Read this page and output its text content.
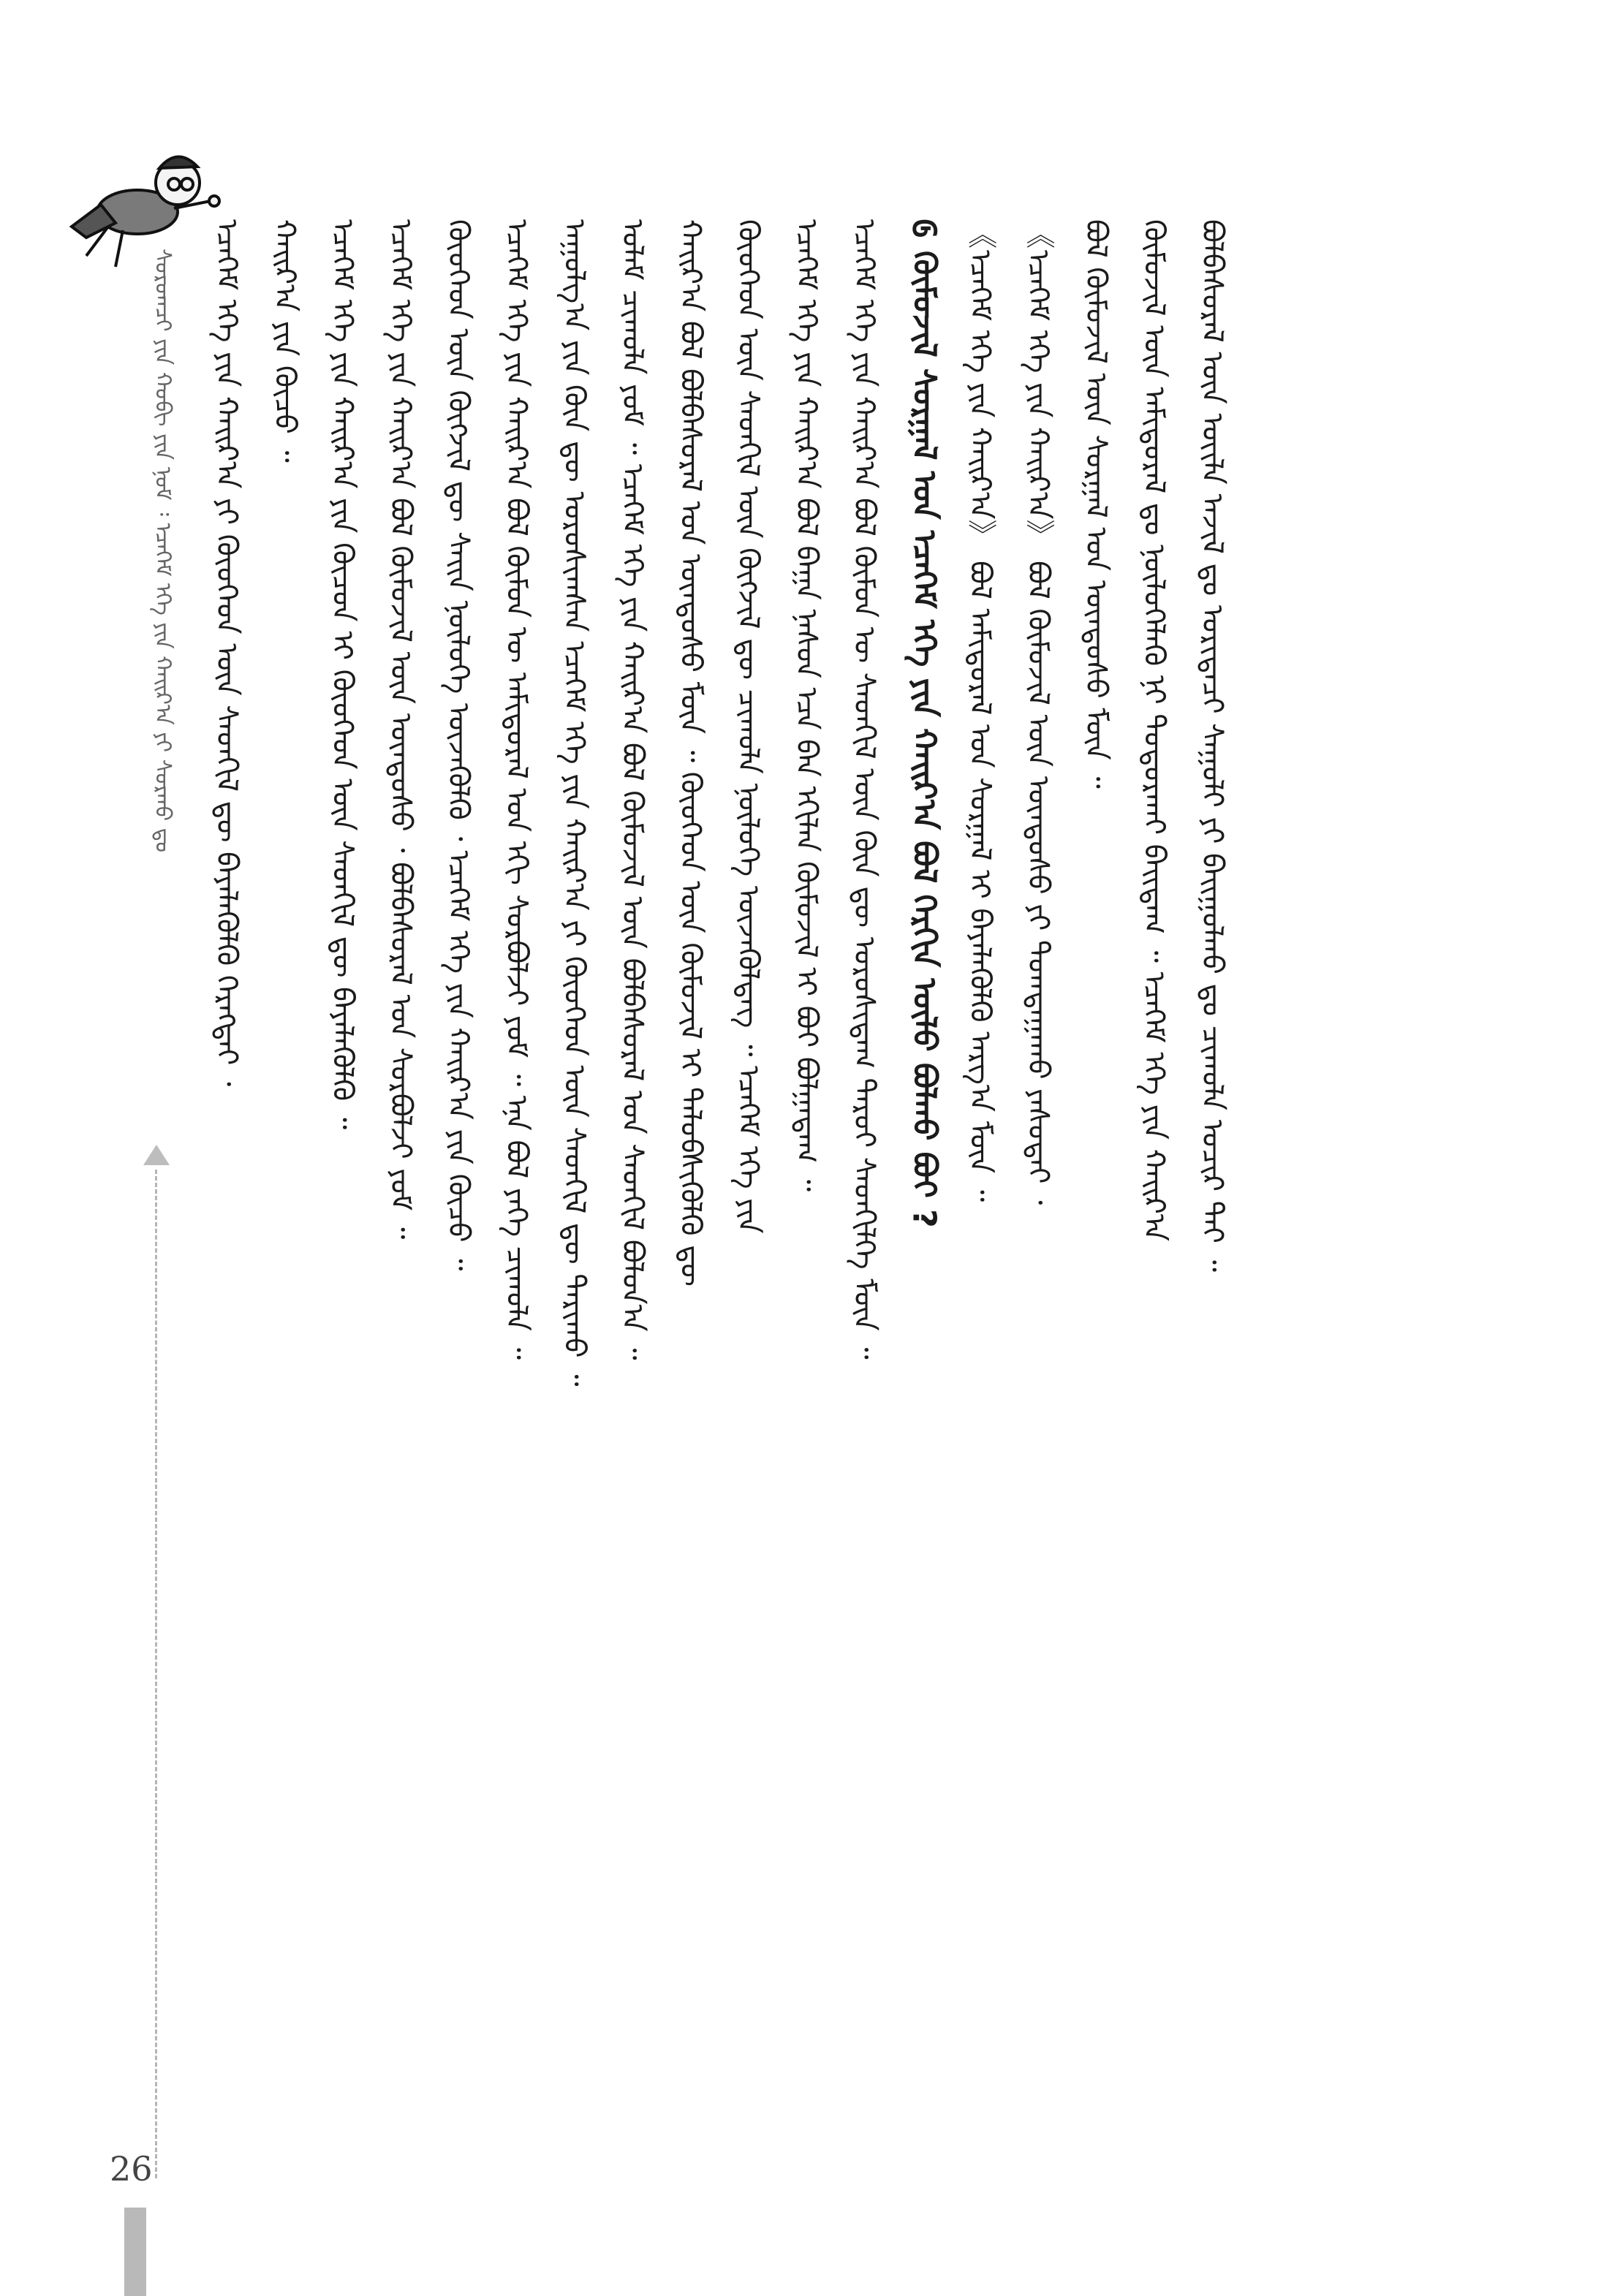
ᠰᠤᠷᠤᠭᠴᠢ ᠶᠢᠨ ᠬᠤᠪᠢ ᠶᠢᠨ ᠨᠣᠮ ᠄ ᠡᠴᠡᠭᠡᠮ ᠡᠬᠡ ᠶᠢᠨ ᠬᠠᠢᠷ᠎ᠠ ᠶᠢ ᠰᠤᠷᠬᠤ ᠳᠤ	ᠪᠣᠯᠪᠠᠰᠤᠷᠠᠯ ᠦᠨ ᠦᠢᠯᠡ ᠠᠵᠢᠯ ᠳᠤ ᠤᠷᠢᠳᠠᠴᠢ ᠰᠠᠭᠤᠯᠢ ᠶᠢ ᠪᠠᠢᠭᠤᠯᠬᠤ ᠳᠤ ᠴᠢᠬᠤᠯᠠ ᠤᠴᠢᠷ ᠲᠠᠢ ᠃
ᠬᠦᠮᠦᠵᠢᠯ ᠦᠨ ᠠᠮᠢᠳᠤᠷᠠᠯ ᠳᠤ ᠨᠥᠯᠦᠭᠡᠯᠡᠬᠦ ᠨᠢ ᠲᠣᠳᠤᠷᠬᠠᠢ ᠪᠠᠢᠳᠠᠭ ᠃ ᠡᠴᠡᠭᠡᠮ ᠡᠬᠡ ᠶᠢᠨ ᠬᠠᠢᠷ᠎ᠠ
ᠪᠣᠯ ᠬᠦᠮᠦᠵᠢᠯ ᠦᠨ ᠰᠤᠷᠭᠠᠯ ᠤᠨ ᠦᠨᠳᠦᠰᠦ ᠮᠥᠨ ᠃
《ᠡᠴᠡᠭᠡᠮ ᠡᠬᠡ ᠶᠢᠨ ᠬᠠᠢᠷ᠎ᠠ》 ᠪᠣᠯ ᠬᠦᠮᠦᠵᠢᠯ ᠦᠨ ᠦᠨᠳᠦᠰᠦ ᠶᠢ ᠲᠣᠭᠲᠠᠭᠠᠬᠤ ᠶᠠᠰᠤᠲᠠᠢ ᠂
《ᠡᠴᠡᠭᠡᠮ ᠡᠬᠡ ᠶᠢᠨ ᠬᠠᠢᠷ᠎ᠠ》 ᠪᠣᠯ ᠠᠮᠢᠳᠤᠷᠠᠯ ᠤᠨ ᠰᠤᠷᠭᠠᠯ ᠢ ᠪᠡᠶᠡᠯᠡᠭᠦᠯᠬᠦ ᠠᠷᠭ᠎ᠠ ᠮᠥᠨ ᠃
᠖ ᠬᠦᠮᠦᠵᠢᠯ ᠰᠤᠷᠭᠠᠯ ᠤᠨ ᠡᠴᠡᠭᠡᠮ ᠡᠬᠡ ᠶᠢᠨ ᠬᠠᠢᠷ᠎ᠠ ᠪᠣᠯ ᠬᠡᠷᠬᠢᠨ ᠦᠯᠦ ᠪᠣᠯᠬᠤ ᠪᠤᠢ ?
ᠡᠴᠡᠭᠡᠮ ᠡᠬᠡ ᠶᠢᠨ ᠬᠠᠢᠷ᠎ᠠ ᠪᠣᠯ ᠬᠥᠮᠦᠨ ᠦ ᠰᠡᠳᠬᠢᠯ ᠦᠨ ᠭᠦᠨ ᠳᠦ ᠣᠷᠣᠰᠢᠳᠠᠭ ᠳᠠᠷᠤᠢ ᠰᠡᠳᠬᠢᠯᠭᠡ ᠮᠥᠨ ᠃
ᠡᠴᠡᠭᠡᠮ ᠡᠬᠡ ᠶᠢᠨ ᠬᠠᠢᠷ᠎ᠠ ᠪᠣᠯ ᠪᠠᠭᠠ ᠨᠠᠰᠤᠨ ᠡᠴᠡ ᠪᠡᠨ ᠡᠬᠢᠯᠡᠨ ᠬᠥᠮᠦᠵᠢᠯ ᠢ ᠪᠤᠢ ᠪᠣᠯᠭᠠᠳᠠᠭ ᠃
ᠬᠦᠦᠬᠡᠳ ᠦᠨ ᠰᠡᠳᠬᠢᠯ ᠦᠨ ᠬᠥᠭᠵᠢᠯ ᠳᠦ ᠴᠢᠬᠤᠯᠠ ᠨᠥᠯᠦᠭᠡ ᠦᠵᠡᠭᠦᠯᠳᠡᠭ ᠃ ᠡᠴᠡᠭᠡᠮ ᠡᠬᠡ ᠶᠢᠨ
ᠬᠠᠢᠷ᠎ᠠ ᠪᠣᠯ ᠪᠣᠯᠪᠠᠰᠤᠷᠠᠯ ᠤᠨ ᠦᠨᠳᠦᠰᠦ ᠮᠥᠨ ᠃ ᠬᠦᠦᠬᠡᠳ ᠦᠨ ᠬᠥᠮᠦᠵᠢᠯ ᠢ ᠲᠡᠯᠦᠪᠰᠢᠭᠦᠯᠬᠦ ᠳᠦ
ᠤᠯᠠᠮ ᠴᠢᠬᠤᠯᠠ ᠶᠤᠮ ᠃ ᠡᠴᠡᠭᠡᠮ ᠡᠬᠡ ᠶᠢᠨ ᠬᠠᠢᠷ᠎ᠠ ᠪᠣᠯ ᠬᠦᠮᠦᠵᠢᠯ ᠦᠨ ᠪᠣᠯᠪᠠᠰᠤᠷᠠᠯ ᠤᠨ ᠰᠡᠳᠬᠢᠯ ᠪᠣᠯᠤᠨ᠎ᠠ ᠃
ᠠᠭᠤᠯᠭ᠎ᠠ ᠶᠢᠨ ᠭᠦᠨ ᠳᠦ ᠣᠷᠣᠰᠢᠭᠰᠠᠨ ᠡᠴᠡᠭᠡᠮ ᠡᠬᠡ ᠶᠢᠨ ᠬᠠᠢᠷ᠎ᠠ ᠶᠢ ᠬᠦᠦᠬᠡᠳ ᠦᠨ ᠰᠡᠳᠬᠢᠯ ᠳᠦ ᠲᠠᠷᠢᠬᠤ ᠃
ᠡᠴᠡᠭᠡᠮ ᠡᠬᠡ ᠶᠢᠨ ᠬᠠᠢᠷ᠎ᠠ ᠪᠣᠯ ᠬᠥᠮᠦᠨ ᠦ ᠠᠮᠢᠳᠤᠷᠠᠯ ᠤᠨ ᠡᠬᠢ ᠰᠤᠷᠪᠤᠯᠵᠢ ᠶᠤᠮ ᠃ ᠡᠨᠡ ᠪᠣᠯ ᠶᠡᠬᠡ ᠴᠢᠬᠤᠯᠠ ᠃
ᠬᠦᠦᠬᠡᠳ ᠦᠨ ᠬᠥᠭᠵᠢᠯ ᠳᠦ ᠰᠠᠢᠨ ᠨᠥᠯᠦᠭᠡ ᠦᠵᠡᠭᠦᠯᠬᠦ ᠂ ᠡᠴᠡᠭᠡᠮ ᠡᠬᠡ ᠶᠢᠨ ᠬᠠᠢᠷ᠎ᠠ ᠶᠢᠨ ᠬᠦᠴᠦ ᠃
ᠡᠴᠡᠭᠡᠮ ᠡᠬᠡ ᠶᠢᠨ ᠬᠠᠢᠷ᠎ᠠ ᠪᠣᠯ ᠬᠦᠮᠦᠵᠢᠯ ᠦᠨ ᠦᠨᠳᠦᠰᠦ ᠂ ᠪᠣᠯᠪᠠᠰᠤᠷᠠᠯ ᠤᠨ ᠰᠤᠷᠪᠤᠯᠵᠢ ᠶᠤᠮ ᠃
ᠡᠴᠡᠭᠡᠮ ᠡᠬᠡ ᠶᠢᠨ ᠬᠠᠢᠷ᠎ᠠ ᠶᠢᠨ ᠬᠦᠴᠦᠨ ᠢ ᠬᠦᠦᠬᠡᠳ ᠦᠨ ᠰᠡᠳᠬᠢᠯ ᠳᠦ ᠪᠡᠶᠡᠯᠡᠭᠦᠯᠬᠦ ᠃
ᠬᠠᠢᠷ᠎ᠠ ᠶᠢᠨ ᠬᠦᠴᠦ ᠃
ᠡᠴᠡᠭᠡᠮ ᠡᠬᠡ ᠶᠢᠨ ᠬᠠᠢᠷ᠎ᠠ ᠶᠢ ᠬᠦᠦᠬᠡᠳ ᠦᠨ ᠰᠡᠳᠬᠢᠯ ᠳᠦ ᠪᠡᠶᠡᠯᠡᠭᠦᠯᠬᠦ ᠬᠡᠷᠡᠭᠲᠡᠢ ᠂
26
